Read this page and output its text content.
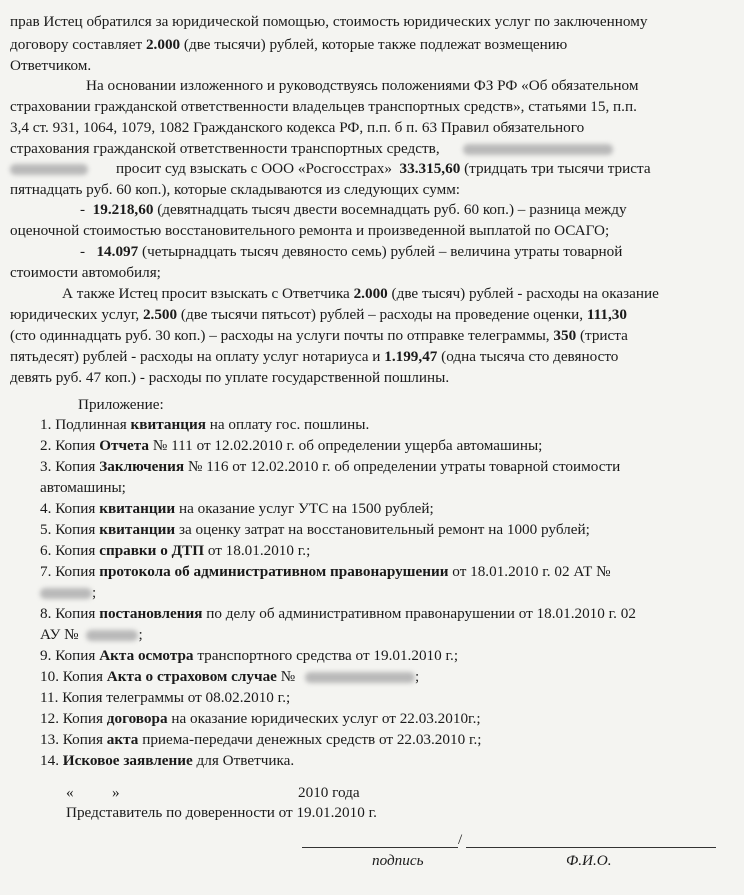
прав Истец обратился за юридической помощью, стоимость юридических услуг по заключенному
договору составляет 2.000 (две тысячи) рублей, которые также подлежат возмещению
Ответчиком.
На основании изложенного и руководствуясь положениями ФЗ РФ «Об обязательном
страховании гражданской ответственности владельцев транспортных средств», статьями 15, п.п.
3,4 ст. 931, 1064, 1079, 1082 Гражданского кодекса РФ, п.п. б п. 63 Правил обязательного
страхования гражданской ответственности транспортных средств,
просит суд взыскать с ООО «Росгосстрах» 33.315,60 (тридцать три тысячи триста
пятнадцать руб. 60 коп.), которые складываются из следующих сумм:
- 19.218,60 (девятнадцать тысяч двести восемнадцать руб. 60 коп.) – разница между
оценочной стоимостью восстановительного ремонта и произведенной выплатой по ОСАГО;
- 14.097 (четырнадцать тысяч девяносто семь) рублей – величина утраты товарной
стоимости автомобиля;
А также Истец просит взыскать с Ответчика 2.000 (две тысяч) рублей - расходы на оказание
юридических услуг, 2.500 (две тысячи пятьсот) рублей – расходы на проведение оценки, 111,30
(сто одиннадцать руб. 30 коп.) – расходы на услуги почты по отправке телеграммы, 350 (триста
пятьдесят) рублей - расходы на оплату услуг нотариуса и 1.199,47 (одна тысяча сто девяносто
девять руб. 47 коп.) - расходы по уплате государственной пошлины.
Приложение:
1. Подлинная квитанция на оплату гос. пошлины.
2. Копия Отчета № 111 от 12.02.2010 г. об определении ущерба автомашины;
3. Копия Заключения № 116 от 12.02.2010 г. об определении утраты товарной стоимости
автомашины;
4. Копия квитанции на оказание услуг УТС на 1500 рублей;
5. Копия квитанции за оценку затрат на восстановительный ремонт на 1000 рублей;
6. Копия справки о ДТП от 18.01.2010 г.;
7. Копия протокола об административном правонарушении от 18.01.2010 г. 02 АТ №
;
8. Копия постановления по делу об административном правонарушении от 18.01.2010 г. 02
АУ №	;
9. Копия Акта осмотра транспортного средства от 19.01.2010 г.;
10. Копия Акта о страховом случае №	;
11. Копия телеграммы от 08.02.2010 г.;
12. Копия договора на оказание юридических услуг от 22.03.2010г.;
13. Копия акта приема-передачи денежных средств от 22.03.2010 г.;
14. Исковое заявление для Ответчика.
«	»	2010 года
Представитель по доверенности от 19.01.2010 г.
/
подпись	Ф.И.О.
